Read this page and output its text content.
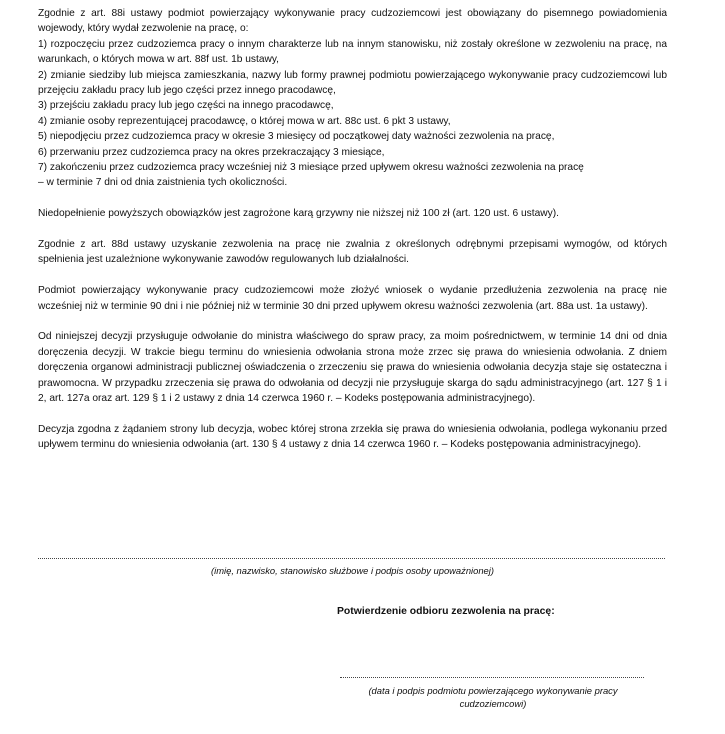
Zgodnie z art. 88i ustawy podmiot powierzający wykonywanie pracy cudzoziemcowi jest obowiązany do pisemnego powiadomienia wojewody, który wydał zezwolenie na pracę, o:

1) rozpoczęciu przez cudzoziemca pracy o innym charakterze lub na innym stanowisku, niż zostały określone w zezwoleniu na pracę, na warunkach, o których mowa w art. 88f ust. 1b ustawy,
2) zmianie siedziby lub miejsca zamieszkania, nazwy lub formy prawnej podmiotu powierzającego wykonywanie pracy cudzoziemcowi lub przejęciu zakładu pracy lub jego części przez innego pracodawcę,
3) przejściu zakładu pracy lub jego części na innego pracodawcę,
4) zmianie osoby reprezentującej pracodawcę, o której mowa w art. 88c ust. 6 pkt 3 ustawy,
5) niepodjęciu przez cudzoziemca pracy w okresie 3 miesięcy od początkowej daty ważności zezwolenia na pracę,
6) przerwaniu przez cudzoziemca pracy na okres przekraczający 3 miesiące,
7) zakończeniu przez cudzoziemca pracy wcześniej niż 3 miesiące przed upływem okresu ważności zezwolenia na pracę
– w terminie 7 dni od dnia zaistnienia tych okoliczności.

Niedopełnienie powyższych obowiązków jest zagrożone karą grzywny nie niższej niż 100 zł (art. 120 ust. 6 ustawy).

Zgodnie z art. 88d ustawy uzyskanie zezwolenia na pracę nie zwalnia z określonych odrębnymi przepisami wymogów, od których spełnienia jest uzależnione wykonywanie zawodów regulowanych lub działalności.

Podmiot powierzający wykonywanie pracy cudzoziemcowi może złożyć wniosek o wydanie przedłużenia zezwolenia na pracę nie wcześniej niż w terminie 90 dni i nie później niż w terminie 30 dni przed upływem okresu ważności zezwolenia (art. 88a ust. 1a ustawy).

Od niniejszej decyzji przysługuje odwołanie do ministra właściwego do spraw pracy, za moim pośrednictwem, w terminie 14 dni od dnia doręczenia decyzji. W trakcie biegu terminu do wniesienia odwołania strona może zrzec się prawa do wniesienia odwołania. Z dniem doręczenia organowi administracji publicznej oświadczenia o zrzeczeniu się prawa do wniesienia odwołania decyzja staje się ostateczna i prawomocna. W przypadku zrzeczenia się prawa do odwołania od decyzji nie przysługuje skarga do sądu administracyjnego (art. 127 § 1 i 2, art. 127a oraz art. 129 § 1 i 2 ustawy z dnia 14 czerwca 1960 r. – Kodeks postępowania administracyjnego).

Decyzja zgodna z żądaniem strony lub decyzja, wobec której strona zrzekła się prawa do wniesienia odwołania, podlega wykonaniu przed upływem terminu do wniesienia odwołania (art. 130 § 4 ustawy z dnia 14 czerwca 1960 r. – Kodeks postępowania administracyjnego).

(imię, nazwisko, stanowisko służbowe i podpis osoby upoważnionej)
Potwierdzenie odbioru zezwolenia na pracę:
(data i podpis podmiotu powierzającego wykonywanie pracy cudzoziemcowi)
